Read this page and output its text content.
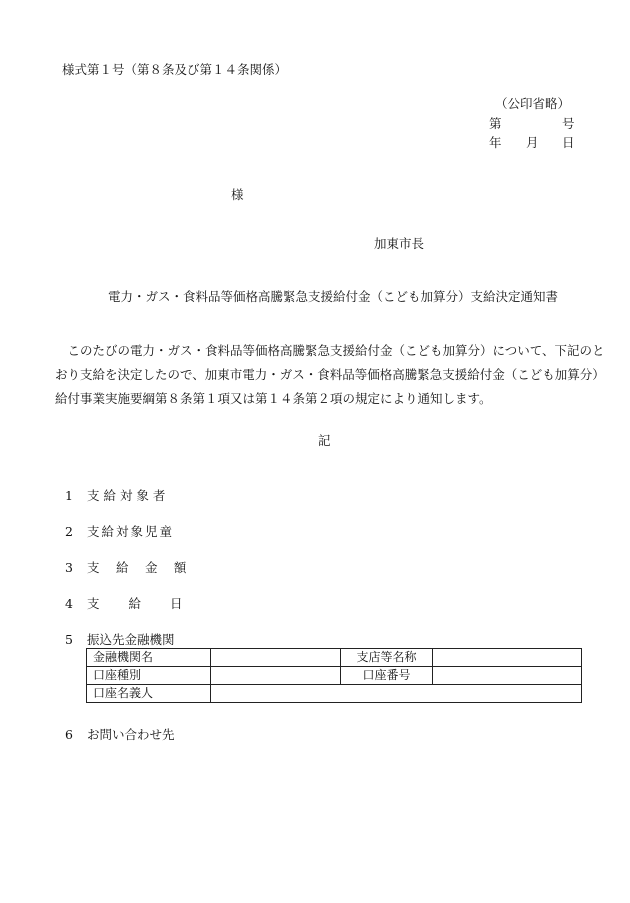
様式第１号（第８条及び第１４条関係）
（公印省略）
第	号
年 月 日
様
加東市長
電力・ガス・食料品等価格高騰緊急支援給付金（こども加算分）支給決定通知書
　このたびの電力・ガス・食料品等価格高騰緊急支援給付金（こども加算分）について、下記のと
おり支給を決定したので、加東市電力・ガス・食料品等価格高騰緊急支援給付金（こども加算分）
給付事業実施要綱第８条第１項又は第１４条第２項の規定により通知します。
記
1 支 給 対 象 者
2 支給対象児童
3 支　 給　 金　 額
4 支　　 給　　 日
5 振込先金融機関
金融機関名		支店等名称	
口座種別		口座番号	
口座名義人			
6 お問い合わせ先
